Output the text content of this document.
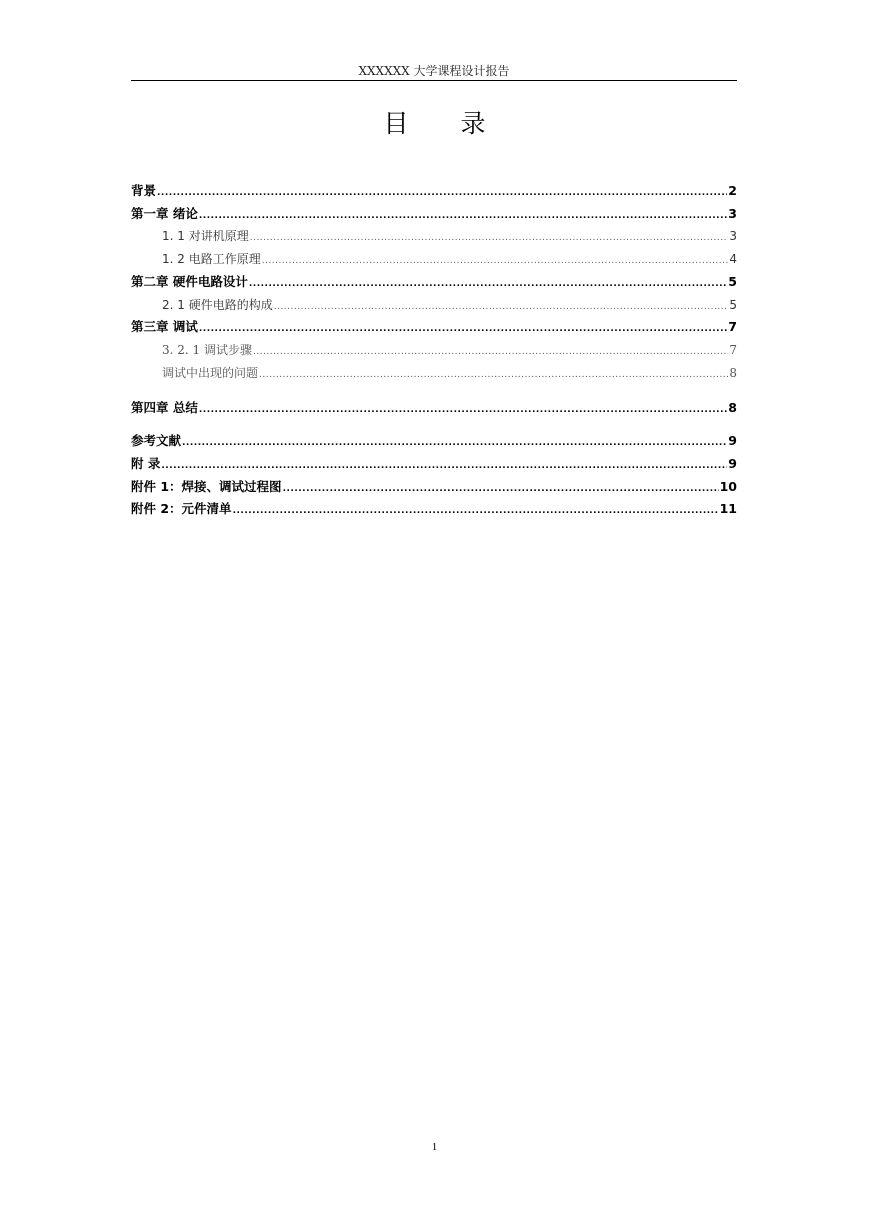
XXXXXX 大学课程设计报告
目 录
背景 .....	2
第一章 绪论 .....	3
1. 1 对讲机原理 .....	3
1. 2 电路工作原理 .....	4
第二章 硬件电路设计 .....	5
2. 1 硬件电路的构成 .....	5
第三章 调试 .....	7
3. 2. 1 调试步骤 .....	7
调试中出现的问题 .....	8
第四章 总结 .....	8
参考文献 .....	9
附 录 .....	9
附件 1：焊接、调试过程图 .....	10
附件 2：元件清单 .....	11
1
